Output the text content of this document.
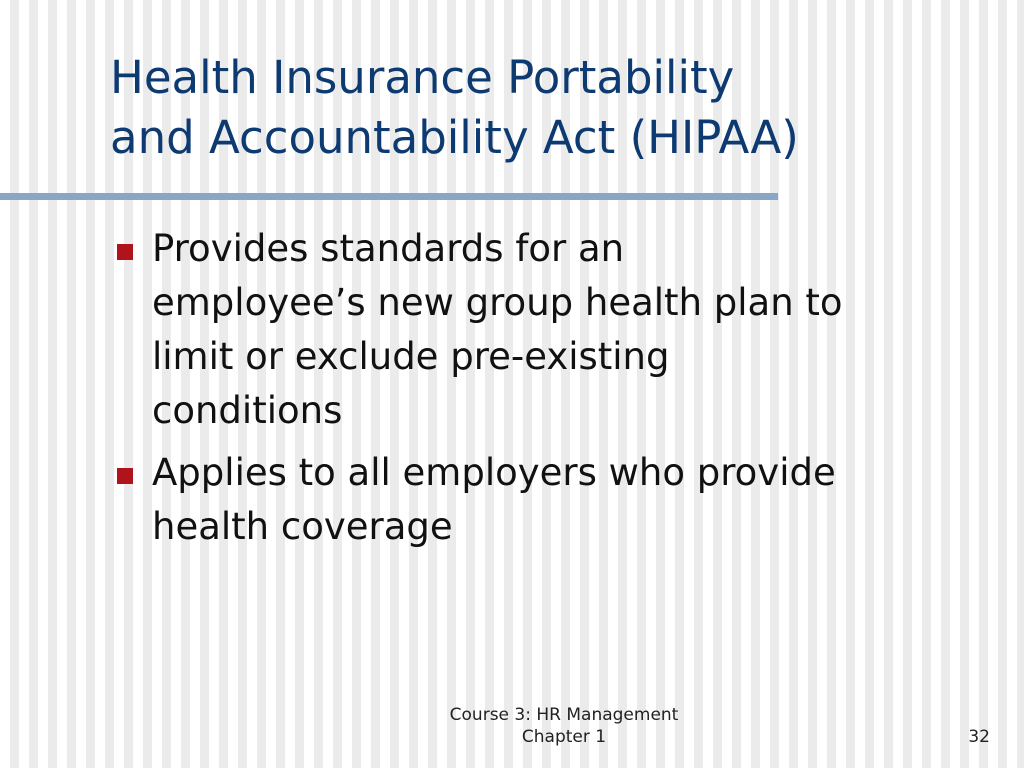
Health Insurance Portability
and Accountability Act (HIPAA)
Provides standards for an
employee’s new group health plan to
limit or exclude pre-existing
conditions
Applies to all employers who provide
health coverage
Course 3: HR Management
Chapter 1	32
